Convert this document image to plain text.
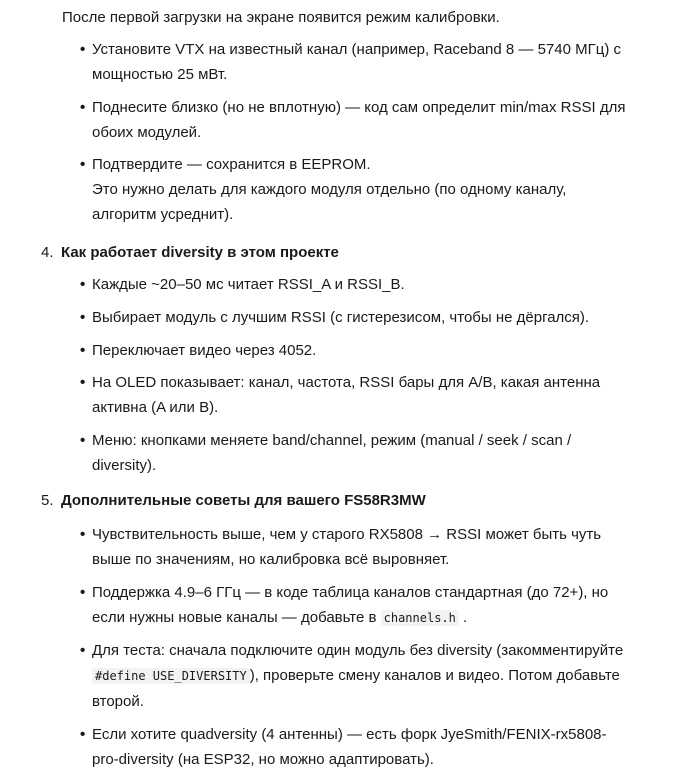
После первой загрузки на экране появится режим калибровки.
• Установите VTX на известный канал (например, Raceband 8 — 5740 МГц) с
мощностью 25 мВт.
• Поднесите близко (но не вплотную) — код сам определит min/max RSSI для
обоих модулей.
• Подтвердите — сохранится в EEPROM.
Это нужно делать для каждого модуля отдельно (по одному каналу,
алгоритм усреднит).
4. Как работает diversity в этом проекте
• Каждые ~20–50 мс читает RSSI_A и RSSI_B.
• Выбирает модуль с лучшим RSSI (с гистерезисом, чтобы не дёргался).
• Переключает видео через 4052.
• На OLED показывает: канал, частота, RSSI бары для A/B, какая антенна
активна (A или B).
• Меню: кнопками меняете band/channel, режим (manual / seek / scan /
diversity).
5. Дополнительные советы для вашего FS58R3MW
• Чувствительность выше, чем у старого RX5808 → RSSI может быть чуть
выше по значениям, но калибровка всё выровняет.
• Поддержка 4.9–6 ГГц — в коде таблица каналов стандартная (до 72+), но
если нужны новые каналы — добавьте в channels.h .
• Для теста: сначала подключите один модуль без diversity (закомментируйте
#define USE_DIVERSITY ), проверьте смену каналов и видео. Потом добавьте
второй.
• Если хотите quadversity (4 антенны) — есть форк JyeSmith/FENIX-rx5808-
pro-diversity (на ESP32, но можно адаптировать).
